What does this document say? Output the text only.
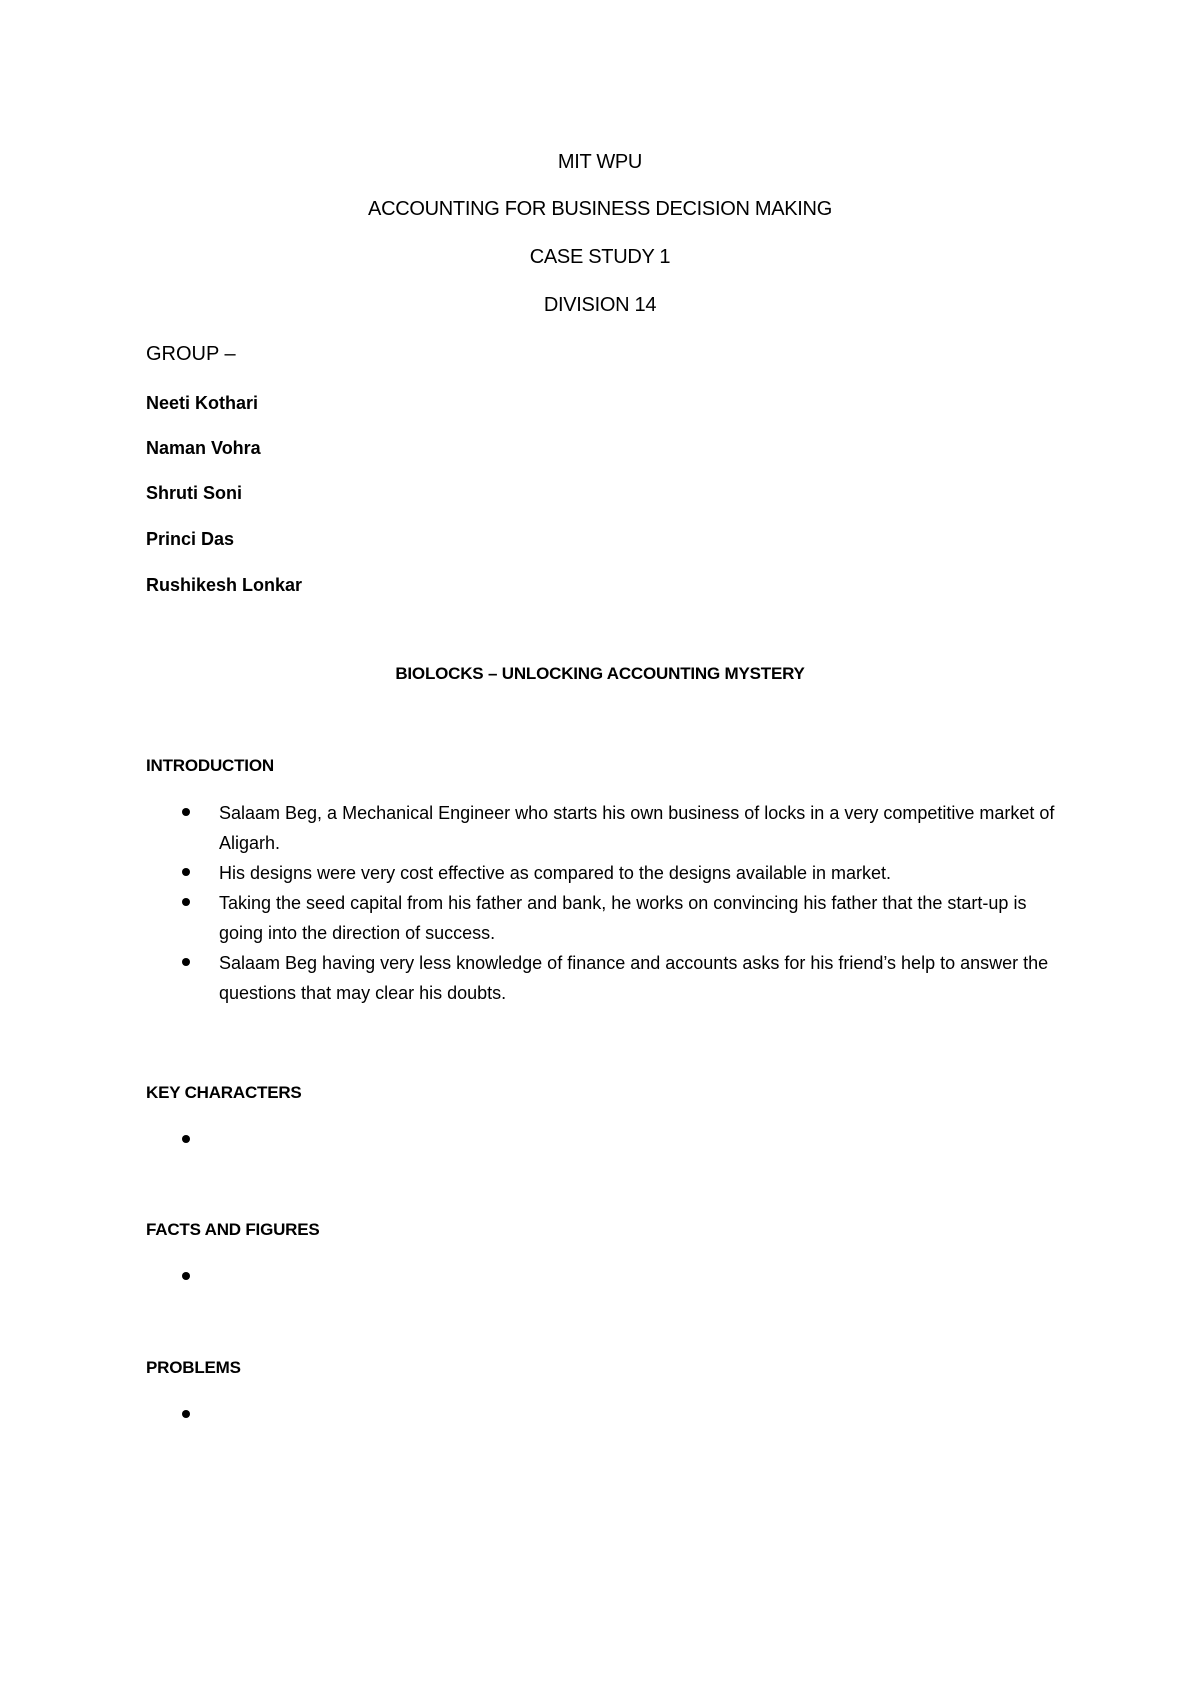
MIT WPU
ACCOUNTING FOR BUSINESS DECISION MAKING
CASE STUDY 1
DIVISION 14
GROUP –
Neeti Kothari
Naman Vohra
Shruti Soni
Princi Das
Rushikesh Lonkar
BIOLOCKS – UNLOCKING ACCOUNTING MYSTERY
INTRODUCTION
Salaam Beg, a Mechanical Engineer who starts his own business of locks in a very competitive market of Aligarh.
His designs were very cost effective as compared to the designs available in market.
Taking the seed capital from his father and bank, he works on convincing his father that the start-up is going into the direction of success.
Salaam Beg having very less knowledge of finance and accounts asks for his friend’s help to answer the questions that may clear his doubts.
KEY CHARACTERS
FACTS AND FIGURES
PROBLEMS
